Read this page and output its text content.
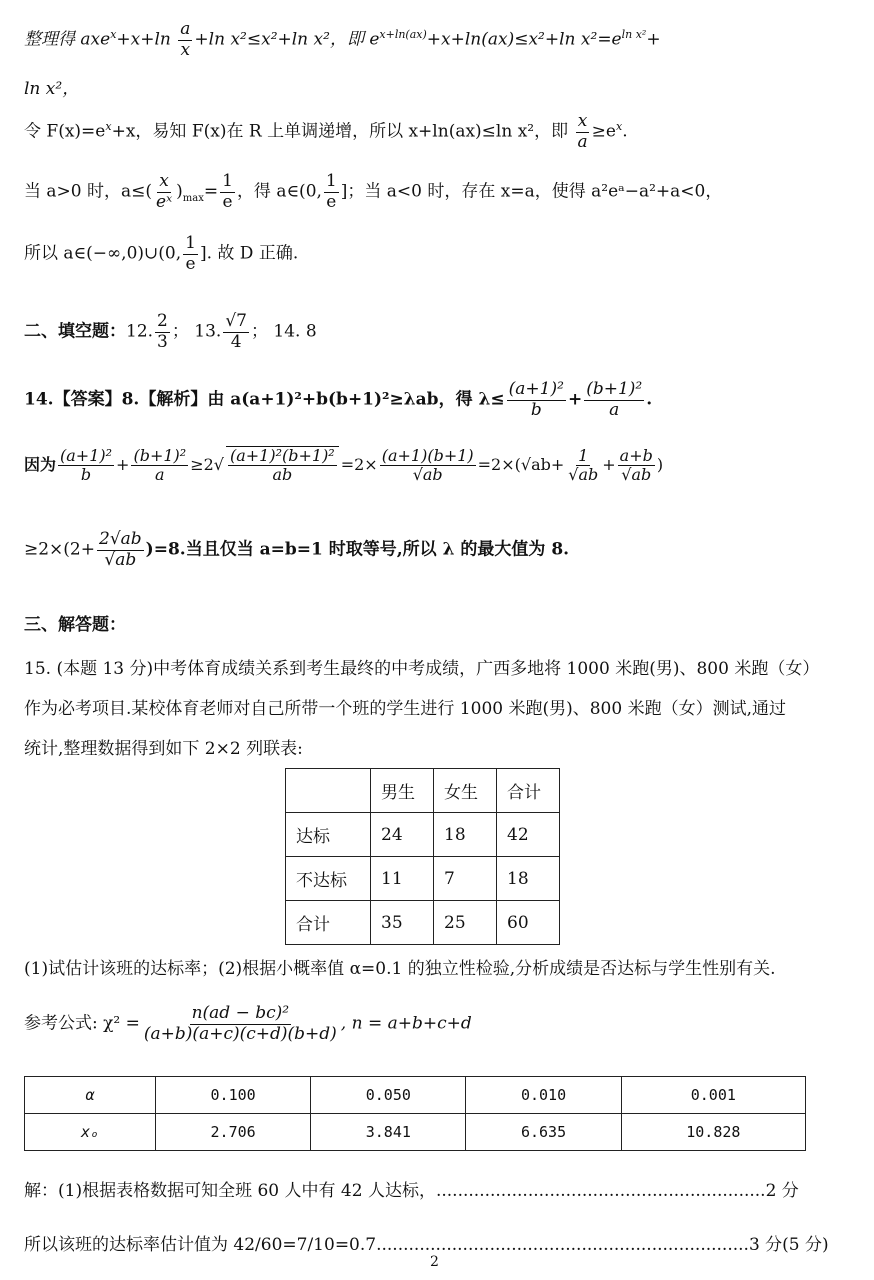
整理得 $axe^x+x+\ln \frac{a}{x} +\ln$ x²≤x²+ln x²，即 $e^{x+ln(ax)}+x+\ln(ax)\le x^2+\ln$ $x^2=e^{ln x^2}+$
ln x²，
令 $F(x)=e^x+x$，易知 F(x)在 R 上单调递增，所以 x+ln(ax)≤ln x²，即 $\frac{x}{a} \ge e^x$.
当 a>0 时，$a\le( \frac{x}{\text{eˣ}} )_{max}= \frac{1}{e}$ ，得 a∈(0, $\frac{1}{e}$ ]；当 a<0 时，存在 x=a，使得 a²eᵃ−a²+a<0，
所以 a∈(−∞,0)∪(0, $\frac{1}{e}$ ]. 故 D 正确.
二、填空题：12. $\frac{2}{3}$ ； 13. $\frac{√7}{4}$ ； 14. 8
14.【答案】8.【解析】由 a(a+1)²+b(b+1)²≥λab，得 $\lambda\le \frac{\text{(a+1)²}}{b} + \frac{\text{(b+1)²}}{a}$ .
因为 $\frac{\text{(a+1)²}}{b} + \frac{\text{(b+1)²}}{a} \ge 2√ \frac{\text{(a+1)²(b+1)²}}{ab} =2\times \frac{(a+1)(b+1)}{√ab} =2\times(√ab+ \frac{1}{√ab} + \frac{a+b}{√ab}$ )
$\ge 2\times(2+ \frac{2√ab}{√ab} )=8$.当且仅当 a=b=1 时取等号,所以 λ 的最大值为 8.
三、解答题：
15. (本题 13 分)中考体育成绩关系到考生最终的中考成绩，广西多地将 1000 米跑(男)、800 米跑（女）
作为必考项目.某校体育老师对自己所带一个班的学生进行 1000 米跑(男)、800 米跑（女）测试,通过
统计,整理数据得到如下 2×2 列联表:
	男生	女生	合计
达标	24	18	42
不达标	11	7	18
合计	35	25	60
(1)试估计该班的达标率；(2)根据小概率值 α=0.1 的独立性检验,分析成绩是否达标与学生性别有关.
参考公式: $\chi^2 = \frac{\text{n(ad − bc)²}}{(a+b)(a+c)(c+d)(b+d)}$ , n = a+b+c+d
α	0.100	0.050	0.010	0.001
xₒ	2.706	3.841	6.635	10.828
解：(1)根据表格数据可知全班 60 人中有 42 人达标，.............................................................2 分
所以该班的达标率估计值为 42/60=7/10=0.7.....................................................................3 分(5 分)
2
